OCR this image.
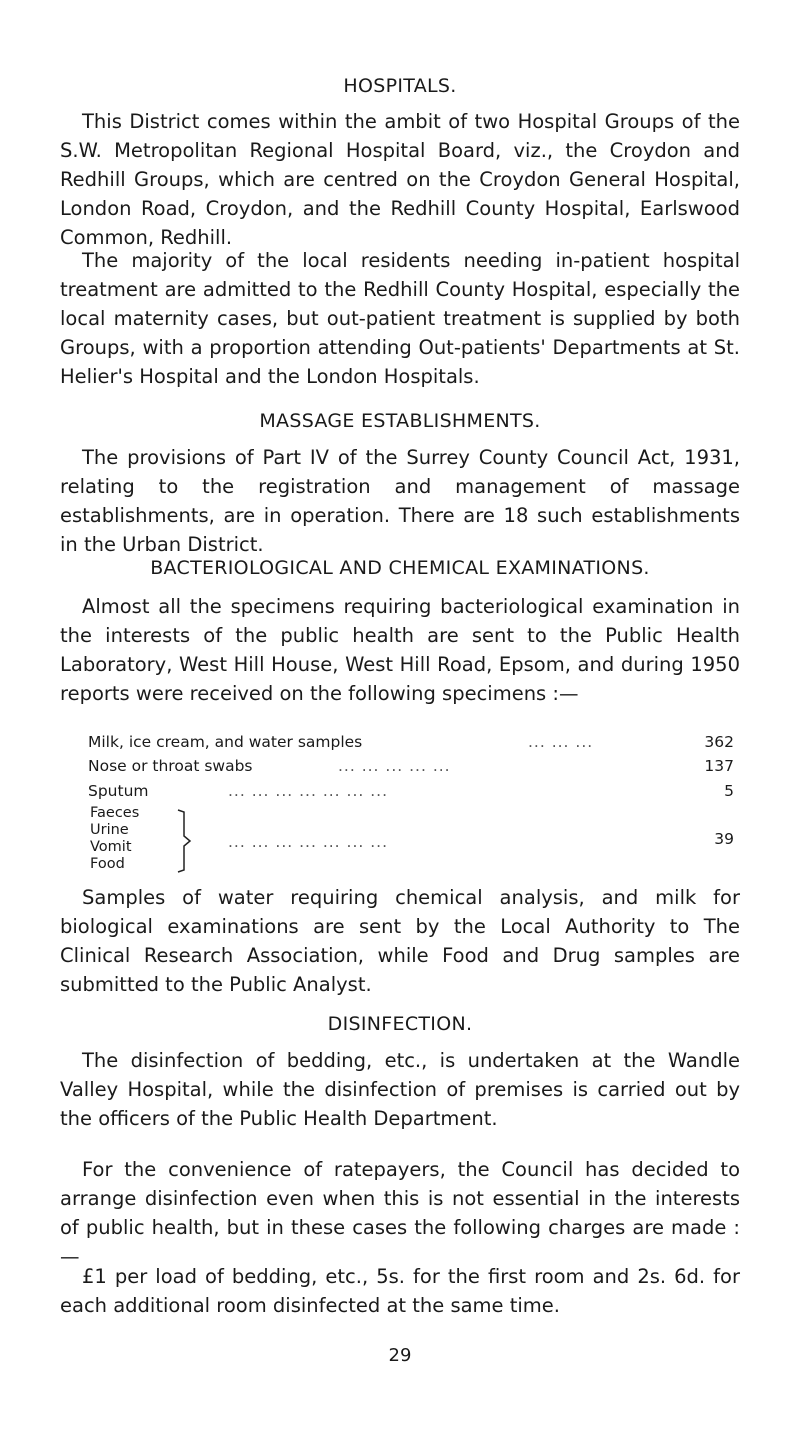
HOSPITALS.

This District comes within the ambit of two Hospital Groups of the S.W. Metropolitan Regional Hospital Board, viz., the Croydon and Redhill Groups, which are centred on the Croydon General Hospital, London Road, Croydon, and the Redhill County Hospital, Earlswood Common, Redhill.

The majority of the local residents needing in-patient hospital treatment are admitted to the Redhill County Hospital, especially the local maternity cases, but out-patient treatment is supplied by both Groups, with a proportion attending Out-patients' Departments at St. Helier's Hospital and the London Hospitals.

MASSAGE ESTABLISHMENTS.

The provisions of Part IV of the Surrey County Council Act, 1931, relating to the registration and management of massage establishments, are in operation. There are 18 such establishments in the Urban District.

BACTERIOLOGICAL AND CHEMICAL EXAMINATIONS.

Almost all the specimens requiring bacteriological examination in the interests of the public health are sent to the Public Health Laboratory, West Hill House, West Hill Road, Epsom, and during 1950 reports were received on the following specimens :—

Milk, ice cream, and water samples	... ... ...	362
Nose or throat swabs	... ... ... ... ...	137
Sputum	... ... ... ... ... ... ...	5
Faeces
Urine
Vomit
Food
... ... ... ... ... ... ...	39

Samples of water requiring chemical analysis, and milk for biological examinations are sent by the Local Authority to The Clinical Research Association, while Food and Drug samples are submitted to the Public Analyst.

DISINFECTION.

The disinfection of bedding, etc., is undertaken at the Wandle Valley Hospital, while the disinfection of premises is carried out by the officers of the Public Health Department.

For the convenience of ratepayers, the Council has decided to arrange disinfection even when this is not essential in the interests of public health, but in these cases the following charges are made :—

£1 per load of bedding, etc., 5s. for the first room and 2s. 6d. for each additional room disinfected at the same time.

29
